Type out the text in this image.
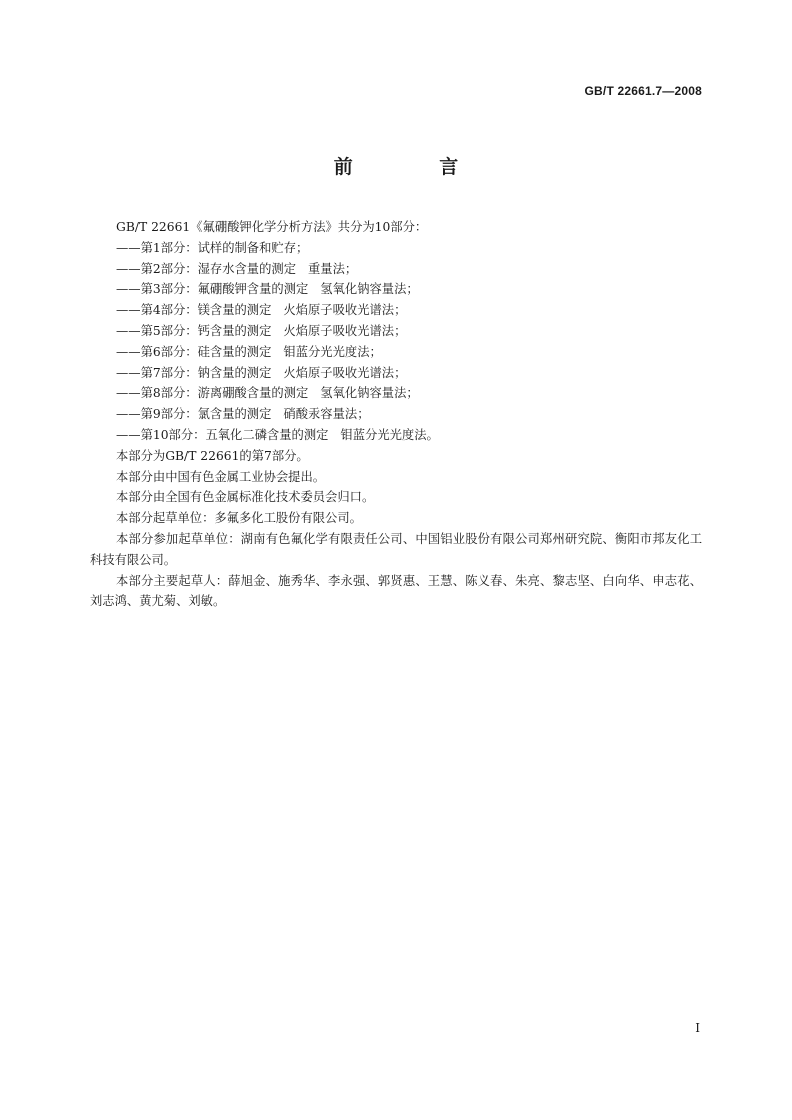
GB/T 22661.7—2008
前 言

GB/T 22661《氟硼酸钾化学分析方法》共分为10部分：

——第1部分：试样的制备和贮存；

——第2部分：湿存水含量的测定 重量法；

——第3部分：氟硼酸钾含量的测定 氢氧化钠容量法；

——第4部分：镁含量的测定 火焰原子吸收光谱法；

——第5部分：钙含量的测定 火焰原子吸收光谱法；

——第6部分：硅含量的测定 钼蓝分光光度法；

——第7部分：钠含量的测定 火焰原子吸收光谱法；

——第8部分：游离硼酸含量的测定 氢氧化钠容量法；

——第9部分：氯含量的测定 硝酸汞容量法；

——第10部分：五氧化二磷含量的测定 钼蓝分光光度法。

本部分为GB/T 22661的第7部分。

本部分由中国有色金属工业协会提出。

本部分由全国有色金属标准化技术委员会归口。

本部分起草单位：多氟多化工股份有限公司。

本部分参加起草单位：湖南有色氟化学有限责任公司、中国铝业股份有限公司郑州研究院、衡阳市邦友化工科技有限公司。

本部分主要起草人：薛旭金、施秀华、李永强、郭贤惠、王慧、陈义春、朱亮、黎志坚、白向华、申志花、刘志鸿、黄尤菊、刘敏。

I
